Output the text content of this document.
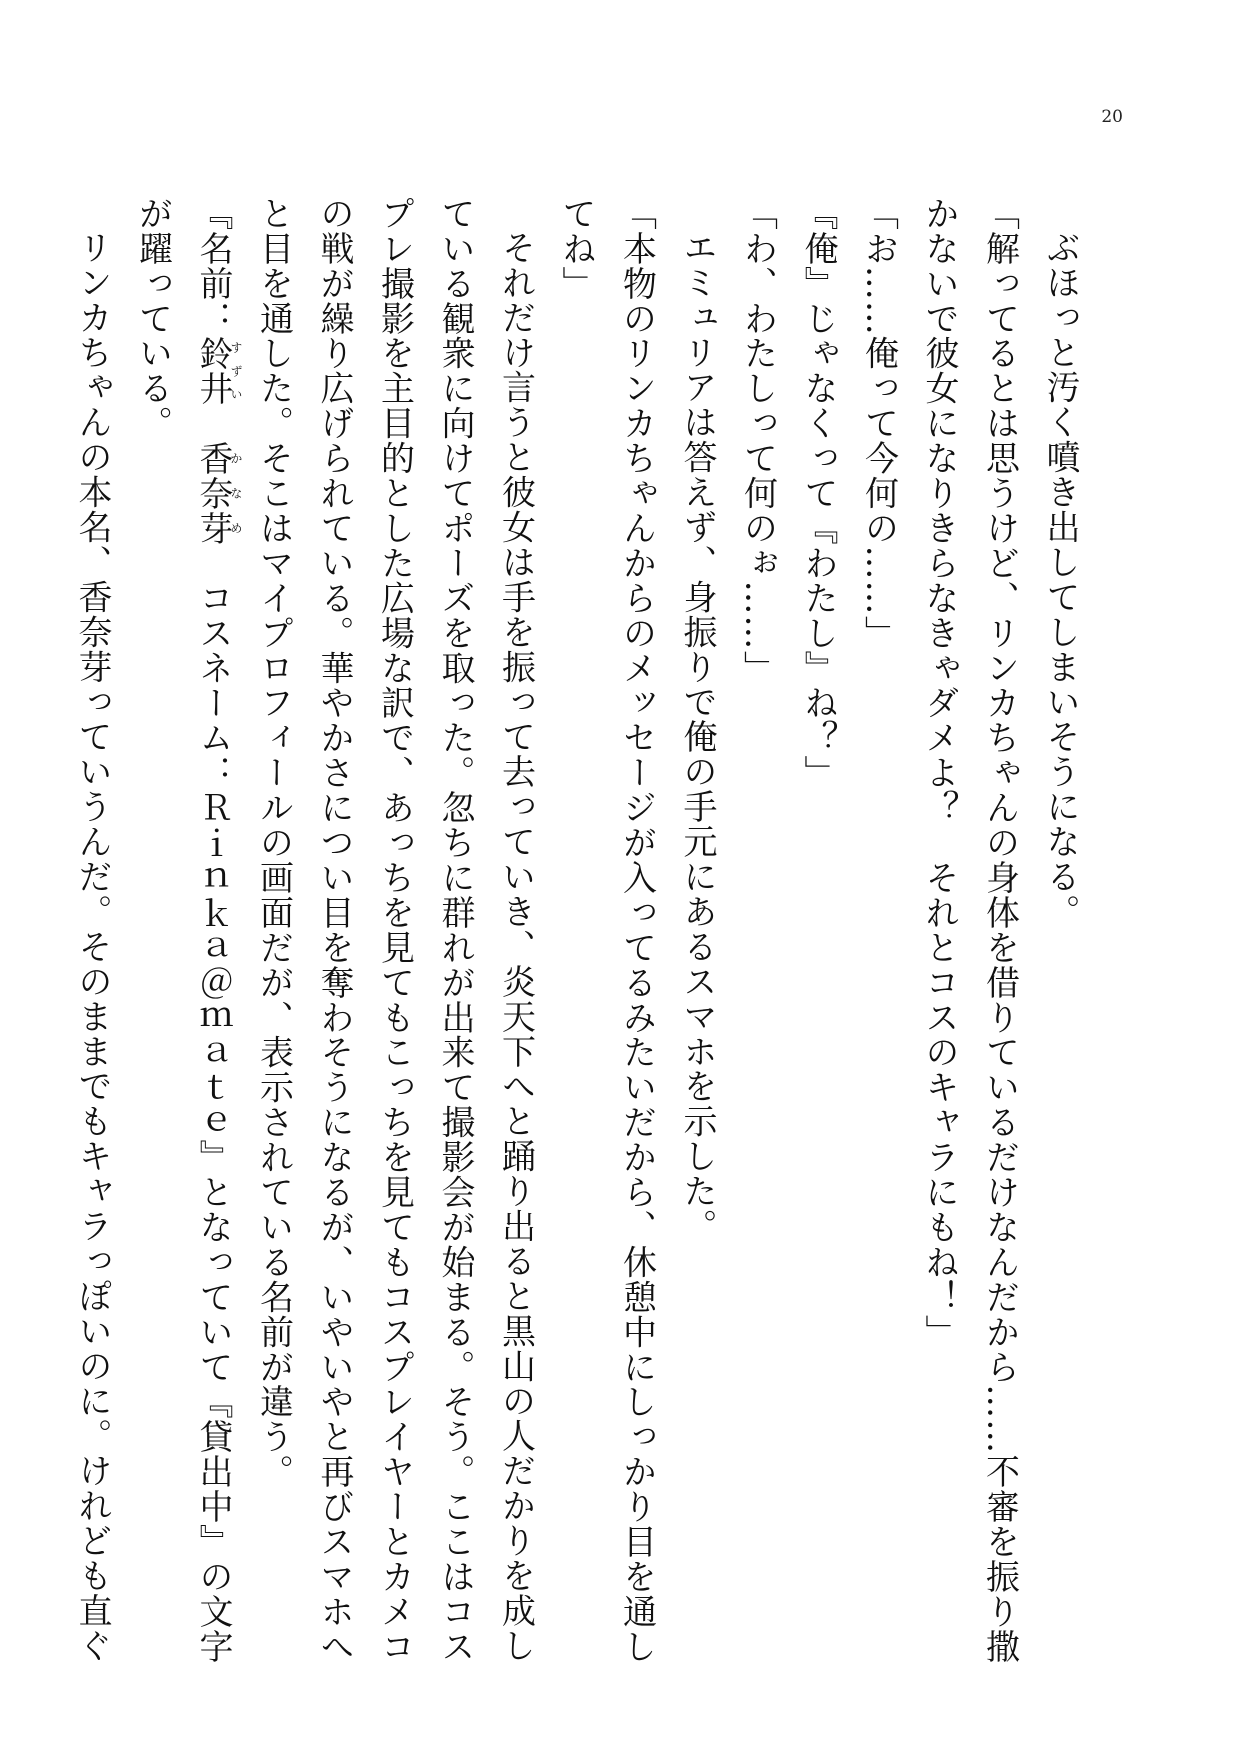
20

ぶほっと汚く噴き出してしまいそうになる。

「解ってるとは思うけど、リンカちゃんの身体を借りているだけなんだから……不審を振り撒かないで彼女になりきらなきゃダメよ？　それとコスのキャラにもね！」

「お……俺って今何の……」

『俺』じゃなくって『わたし』ね？」

「わ、わたしって何のぉ……」

エミュリアは答えず、身振りで俺の手元にあるスマホを示した。

「本物のリンカちゃんからのメッセージが入ってるみたいだから、休憩中にしっかり目を通してね」

それだけ言うと彼女は手を振って去っていき、炎天下へと踊り出ると黒山の人だかりを成している観衆に向けてポーズを取った。忽ちに群れが出来て撮影会が始まる。そう。ここはコスプレ撮影を主目的とした広場な訳で、あっちを見てもこっちを見てもコスプレイヤーとカメコの戦が繰り広げられている。華やかさについ目を奪わそうになるが、いやいやと再びスマホへと目を通した。そこはマイプロフィールの画面だが、表示されている名前が違う。

『名前：鈴井すずい　香奈芽かなめ　コスネーム：Ｒｉｎｋａ＠ｍａｔｅ』となっていて『貸出中』の文字が躍っている。

リンカちゃんの本名、香奈芽っていうんだ。そのままでもキャラっぽいのに。けれども直ぐ
